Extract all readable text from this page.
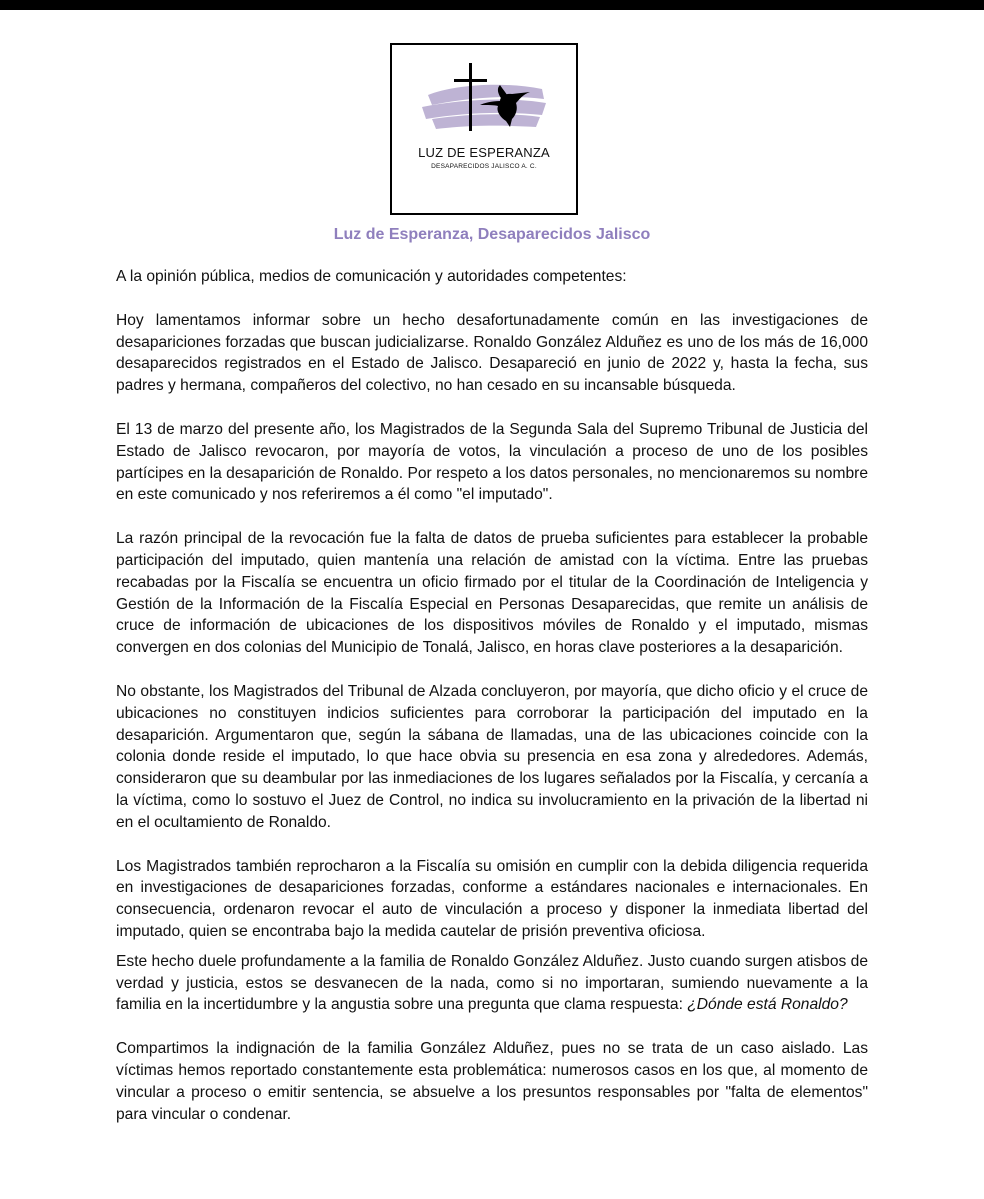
LUZ DE ESPERANZA
DESAPARECIDOS JALISCO A. C.
Luz de Esperanza, Desaparecidos Jalisco

A la opinión pública, medios de comunicación y autoridades competentes:

Hoy lamentamos informar sobre un hecho desafortunadamente común en las investigaciones de desapariciones forzadas que buscan judicializarse. Ronaldo González Alduñez es uno de los más de 16,000 desaparecidos registrados en el Estado de Jalisco. Desapareció en junio de 2022 y, hasta la fecha, sus padres y hermana, compañeros del colectivo, no han cesado en su incansable búsqueda.

El 13 de marzo del presente año, los Magistrados de la Segunda Sala del Supremo Tribunal de Justicia del Estado de Jalisco revocaron, por mayoría de votos, la vinculación a proceso de uno de los posibles partícipes en la desaparición de Ronaldo. Por respeto a los datos personales, no mencionaremos su nombre en este comunicado y nos referiremos a él como "el imputado".

La razón principal de la revocación fue la falta de datos de prueba suficientes para establecer la probable participación del imputado, quien mantenía una relación de amistad con la víctima. Entre las pruebas recabadas por la Fiscalía se encuentra un oficio firmado por el titular de la Coordinación de Inteligencia y Gestión de la Información de la Fiscalía Especial en Personas Desaparecidas, que remite un análisis de cruce de información de ubicaciones de los dispositivos móviles de Ronaldo y el imputado, mismas convergen en dos colonias del Municipio de Tonalá, Jalisco, en horas clave posteriores a la desaparición.

No obstante, los Magistrados del Tribunal de Alzada concluyeron, por mayoría, que dicho oficio y el cruce de ubicaciones no constituyen indicios suficientes para corroborar la participación del imputado en la desaparición. Argumentaron que, según la sábana de llamadas, una de las ubicaciones coincide con la colonia donde reside el imputado, lo que hace obvia su presencia en esa zona y alrededores. Además, consideraron que su deambular por las inmediaciones de los lugares señalados por la Fiscalía, y cercanía a la víctima, como lo sostuvo el Juez de Control, no indica su involucramiento en la privación de la libertad ni en el ocultamiento de Ronaldo.

Los Magistrados también reprocharon a la Fiscalía su omisión en cumplir con la debida diligencia requerida en investigaciones de desapariciones forzadas, conforme a estándares nacionales e internacionales. En consecuencia, ordenaron revocar el auto de vinculación a proceso y disponer la inmediata libertad del imputado, quien se encontraba bajo la medida cautelar de prisión preventiva oficiosa.

Este hecho duele profundamente a la familia de Ronaldo González Alduñez. Justo cuando surgen atisbos de verdad y justicia, estos se desvanecen de la nada, como si no importaran, sumiendo nuevamente a la familia en la incertidumbre y la angustia sobre una pregunta que clama respuesta: ¿Dónde está Ronaldo?

Compartimos la indignación de la familia González Alduñez, pues no se trata de un caso aislado. Las víctimas hemos reportado constantemente esta problemática: numerosos casos en los que, al momento de vincular a proceso o emitir sentencia, se absuelve a los presuntos responsables por "falta de elementos" para vincular o condenar.
